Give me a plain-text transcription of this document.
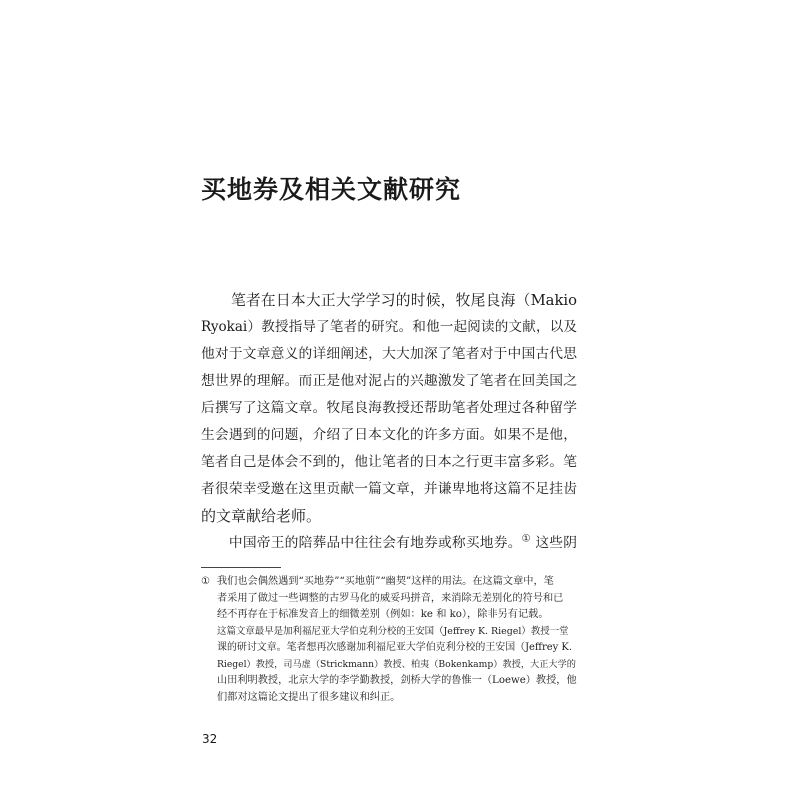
买地券及相关文献研究
　　笔者在日本大正大学学习的时候，牧尾良海（Makio
Ryokai）教授指导了笔者的研究。和他一起阅读的文献，以及
他对于文章意义的详细阐述，大大加深了笔者对于中国古代思
想世界的理解。而正是他对泥占的兴趣激发了笔者在回美国之
后撰写了这篇文章。牧尾良海教授还帮助笔者处理过各种留学
生会遇到的问题，介绍了日本文化的许多方面。如果不是他，
笔者自己是体会不到的，他让笔者的日本之行更丰富多彩。笔
者很荣幸受邀在这里贡献一篇文章，并谦卑地将这篇不足挂齿
的文章献给老师。
　　中国帝王的陪葬品中往往会有地券或称买地券。① 这些阴
① 我们也会偶然遇到“买地券”“买地莂”“幽契”这样的用法。在这篇文章中，笔
者采用了做过一些调整的古罗马化的威妥玛拼音，来消除无差别化的符号和已
经不再存在于标准发音上的细微差别（例如：ke 和 ko），除非另有记载。
这篇文章最早是加利福尼亚大学伯克利分校的王安国（Jeffrey K. Riegel）教授一堂
课的研讨文章。笔者想再次感谢加利福尼亚大学伯克利分校的王安国（Jeffrey K.
Riegel）教授，司马虚（Strickmann）教授、柏夷（Bokenkamp）教授，大正大学的
山田利明教授，北京大学的李学勤教授，剑桥大学的鲁惟一（Loewe）教授，他
们都对这篇论文提出了很多建议和纠正。
32
